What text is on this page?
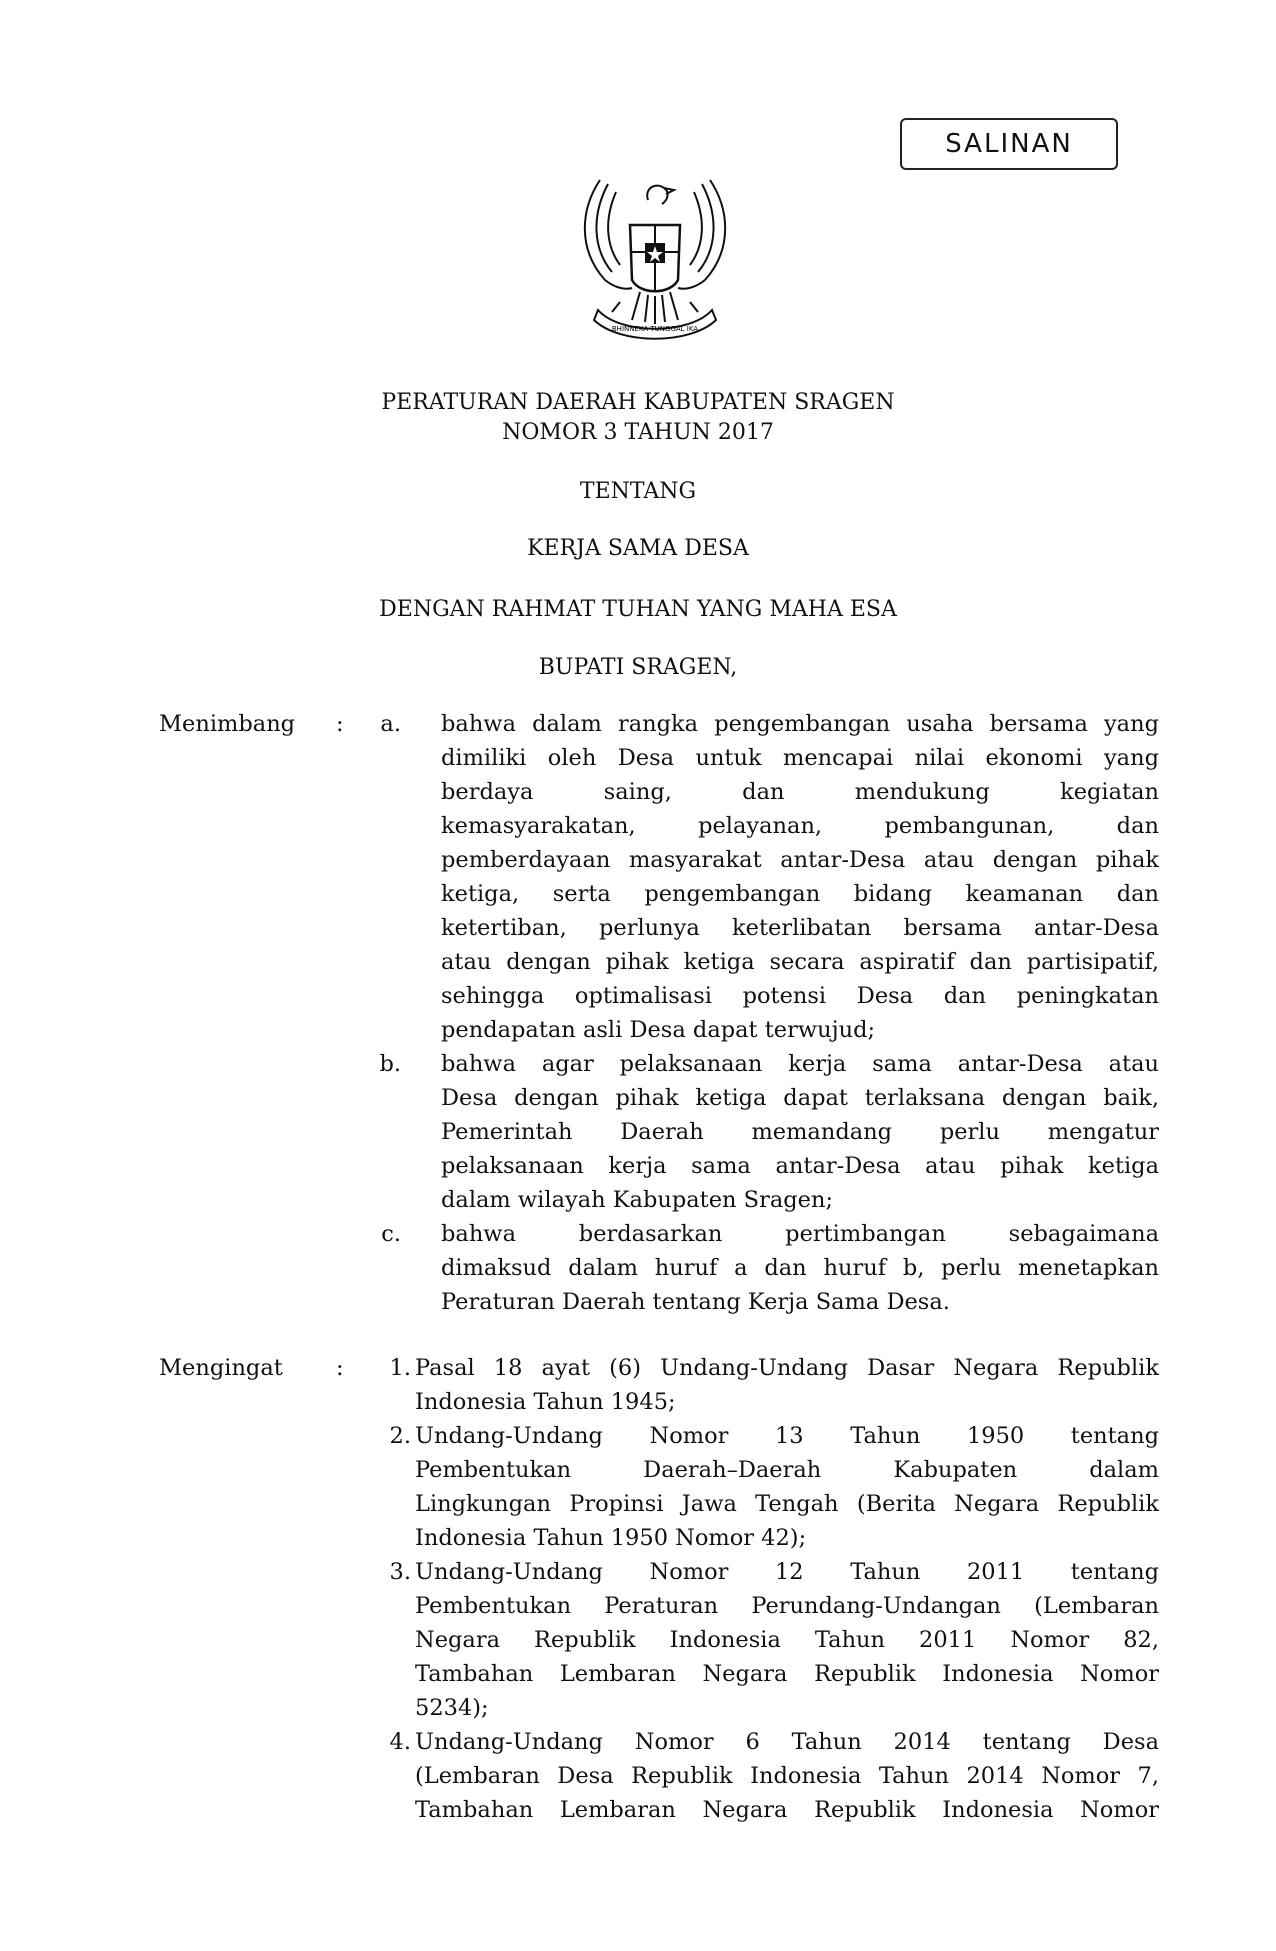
SALINAN
BHINNEKA TUNGGAL IKA
PERATURAN DAERAH KABUPATEN SRAGEN
NOMOR 3 TAHUN 2017
TENTANG
KERJA SAMA DESA
DENGAN RAHMAT TUHAN YANG MAHA ESA
BUPATI SRAGEN,
Menimbang :	a. bahwa dalam rangka pengembangan usaha bersama yang
dimiliki oleh Desa untuk mencapai nilai ekonomi yang
berdaya saing, dan mendukung kegiatan
kemasyarakatan, pelayanan, pembangunan, dan
pemberdayaan masyarakat antar-Desa atau dengan pihak
ketiga, serta pengembangan bidang keamanan dan
ketertiban, perlunya keterlibatan bersama antar-Desa
atau dengan pihak ketiga secara aspiratif dan partisipatif,
sehingga optimalisasi potensi Desa dan peningkatan
pendapatan asli Desa dapat terwujud;
b. bahwa agar pelaksanaan kerja sama antar-Desa atau
Desa dengan pihak ketiga dapat terlaksana dengan baik,
Pemerintah Daerah memandang perlu mengatur
pelaksanaan kerja sama antar-Desa atau pihak ketiga
dalam wilayah Kabupaten Sragen;
c. bahwa berdasarkan pertimbangan sebagaimana
dimaksud dalam huruf a dan huruf b, perlu menetapkan
Peraturan Daerah tentang Kerja Sama Desa.
Mengingat :	1. Pasal 18 ayat (6) Undang-Undang Dasar Negara Republik
Indonesia Tahun 1945;
2. Undang-Undang Nomor 13 Tahun 1950 tentang
Pembentukan Daerah–Daerah Kabupaten dalam
Lingkungan Propinsi Jawa Tengah (Berita Negara Republik
Indonesia Tahun 1950 Nomor 42);
3. Undang-Undang Nomor 12 Tahun 2011 tentang
Pembentukan Peraturan Perundang-Undangan (Lembaran
Negara Republik Indonesia Tahun 2011 Nomor 82,
Tambahan Lembaran Negara Republik Indonesia Nomor
5234);
4. Undang-Undang Nomor 6 Tahun 2014 tentang Desa
(Lembaran Desa Republik Indonesia Tahun 2014 Nomor 7,
Tambahan Lembaran Negara Republik Indonesia Nomor
